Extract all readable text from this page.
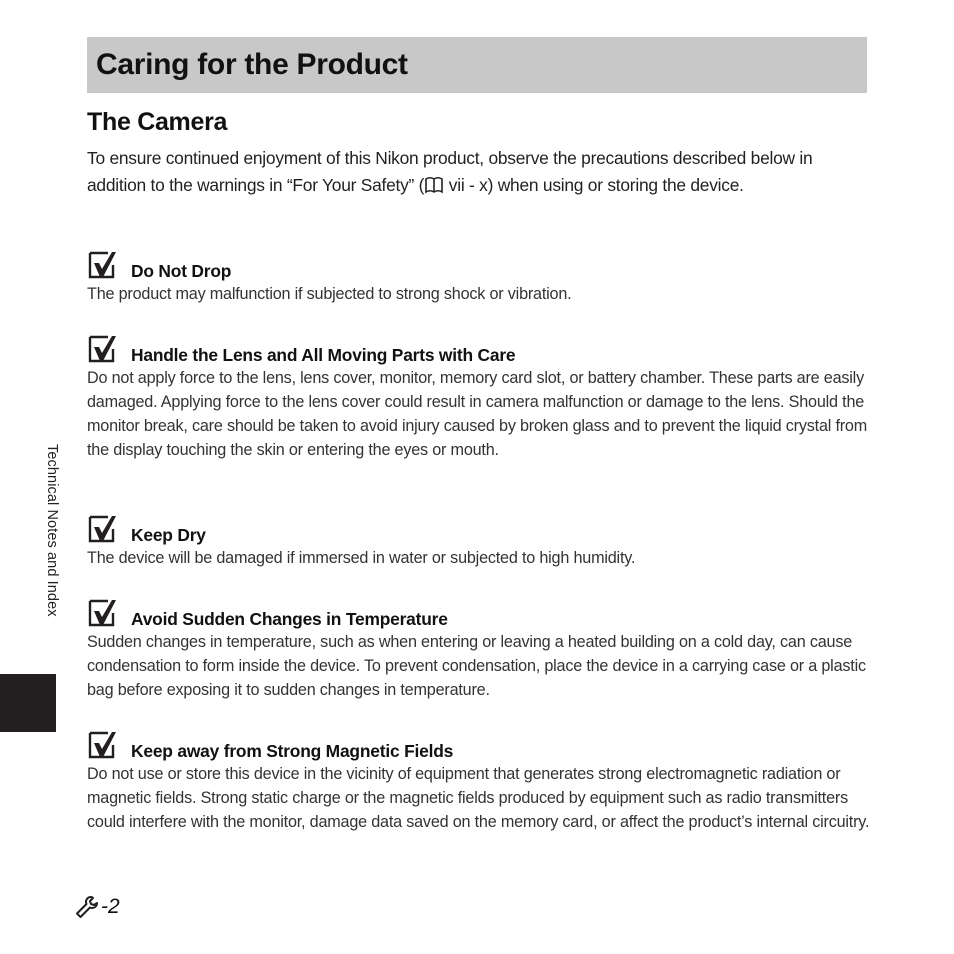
Caring for the Product
The Camera

To ensure continued enjoyment of this Nikon product, observe the precautions described below in addition to the warnings in “For Your Safety” ( vii - x) when using or storing the device.

Do Not Drop

The product may malfunction if subjected to strong shock or vibration.

Handle the Lens and All Moving Parts with Care

Do not apply force to the lens, lens cover, monitor, memory card slot, or battery chamber. These parts are easily damaged. Applying force to the lens cover could result in camera malfunction or damage to the lens. Should the monitor break, care should be taken to avoid injury caused by broken glass and to prevent the liquid crystal from the display touching the skin or entering the eyes or mouth.

Keep Dry

The device will be damaged if immersed in water or subjected to high humidity.

Avoid Sudden Changes in Temperature

Sudden changes in temperature, such as when entering or leaving a heated building on a cold day, can cause condensation to form inside the device. To prevent condensation, place the device in a carrying case or a plastic bag before exposing it to sudden changes in temperature.

Keep away from Strong Magnetic Fields

Do not use or store this device in the vicinity of equipment that generates strong electromagnetic radiation or magnetic fields. Strong static charge or the magnetic fields produced by equipment such as radio transmitters could interfere with the monitor, damage data saved on the memory card, or affect the product’s internal circuitry.

Technical Notes and Index
-2
